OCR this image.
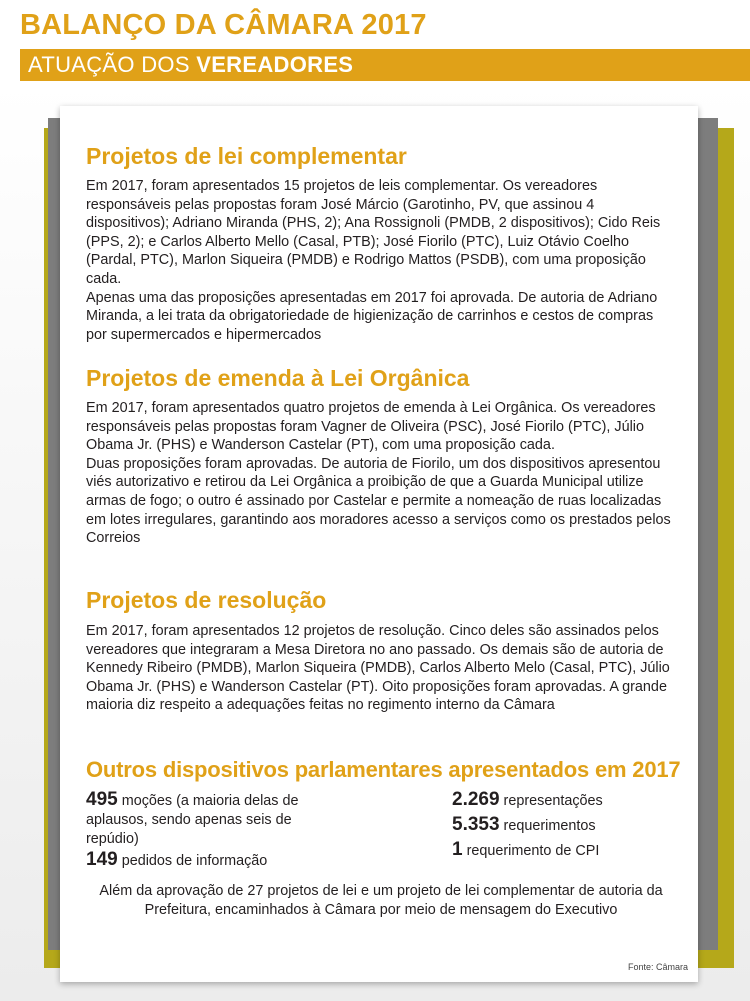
BALANÇO DA CÂMARA 2017
ATUAÇÃO DOS VEREADORES
Projetos de lei complementar

Em 2017, foram apresentados 15 projetos de leis complementar. Os vereadores responsáveis pelas propostas foram José Márcio (Garotinho, PV, que assinou 4 dispositivos); Adriano Miranda (PHS, 2); Ana Rossignoli (PMDB, 2 dispositivos); Cido Reis (PPS, 2); e Carlos Alberto Mello (Casal, PTB); José Fiorilo (PTC), Luiz Otávio Coelho (Pardal, PTC), Marlon Siqueira (PMDB) e Rodrigo Mattos (PSDB), com uma proposição cada.
Apenas uma das proposições apresentadas em 2017 foi aprovada. De autoria de Adriano Miranda, a lei trata da obrigatoriedade de higienização de carrinhos e cestos de compras por supermercados e hipermercados

Projetos de emenda à Lei Orgânica

Em 2017, foram apresentados quatro projetos de emenda à Lei Orgânica. Os vereadores responsáveis pelas propostas foram Vagner de Oliveira (PSC), José Fiorilo (PTC), Júlio Obama Jr. (PHS) e Wanderson Castelar (PT), com uma proposição cada.
Duas proposições foram aprovadas. De autoria de Fiorilo, um dos dispositivos apresentou viés autorizativo e retirou da Lei Orgânica a proibição de que a Guarda Municipal utilize armas de fogo; o outro é assinado por Castelar e permite a nomeação de ruas localizadas em lotes irregulares, garantindo aos moradores acesso a serviços como os prestados pelos Correios

Projetos de resolução

Em 2017, foram apresentados 12 projetos de resolução. Cinco deles são assinados pelos vereadores que integraram a Mesa Diretora no ano passado. Os demais são de autoria de Kennedy Ribeiro (PMDB), Marlon Siqueira (PMDB), Carlos Alberto Melo (Casal, PTC), Júlio Obama Jr. (PHS) e Wanderson Castelar (PT). Oito proposições foram aprovadas. A grande maioria diz respeito a adequações feitas no regimento interno da Câmara

Outros dispositivos parlamentares apresentados em 2017

495 moções (a maioria delas de aplausos, sendo apenas seis de repúdio)

149 pedidos de informação

2.269 representações

5.353 requerimentos

1 requerimento de CPI

Além da aprovação de 27 projetos de lei e um projeto de lei complementar de autoria da Prefeitura, encaminhados à Câmara por meio de mensagem do Executivo

Fonte: Câmara
